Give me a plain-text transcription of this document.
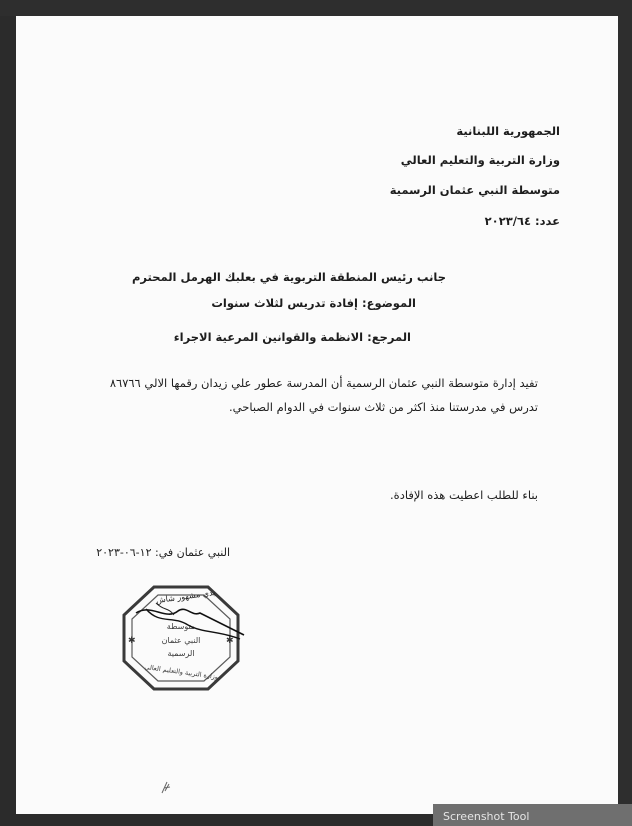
الجمهورية اللبنانية
وزارة التربية والتعليم العالي
متوسطة النبي عثمان الرسمية
عدد: ٢٠٢٣/٦٤
جانب رئيس المنطقة التربوية في بعلبك الهرمل المحترم
الموضوع: إفادة تدريس لثلاث سنوات
المرجع: الانظمة والقوانين المرعية الاجراء
تفيد إدارة متوسطة النبي عثمان الرسمية أن المدرسة عطور علي زيدان رقمها الالي ٨٦٧٦٦
تدرس في مدرستنا منذ اكثر من ثلاث سنوات في الدوام الصباحي.
بناء للطلب اعطيت هذه الإفادة.
النبي عثمان في: ١٢-٠٦-٢٠٢٣
✱	✱
متوسطة
النبي عثمان
الرسمية
وزارة التربية والتعليم العالي
يدي مشهور شاش
Screenshot Tool
